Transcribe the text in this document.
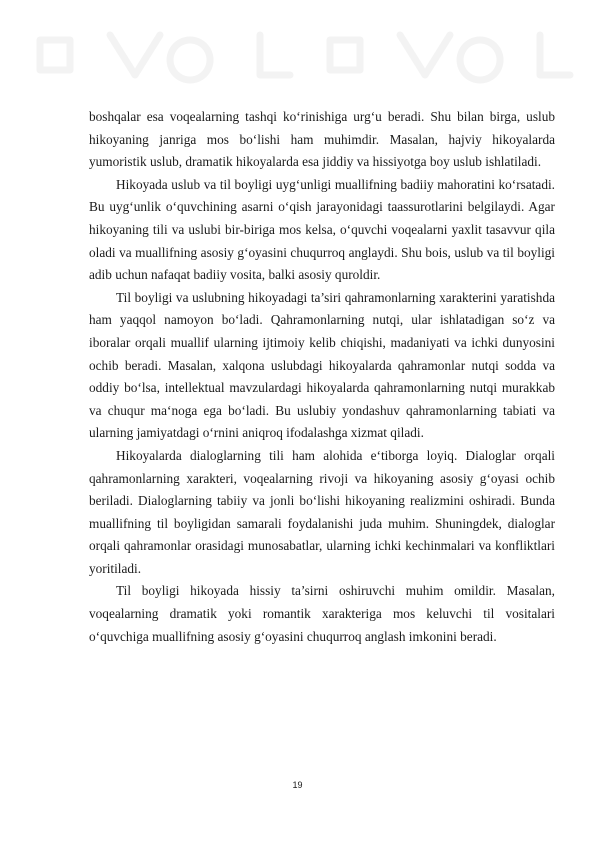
boshqalar esa voqealarning tashqi ko‘rinishiga urg‘u beradi. Shu bilan birga, uslub hikoyaning janriga mos bo‘lishi ham muhimdir. Masalan, hajviy hikoyalarda yumoristik uslub, dramatik hikoyalarda esa jiddiy va hissiyotga boy uslub ishlatiladi.

Hikoyada uslub va til boyligi uyg‘unligi muallifning badiiy mahoratini ko‘rsatadi. Bu uyg‘unlik o‘quvchining asarni o‘qish jarayonidagi taassurotlarini belgilaydi. Agar hikoyaning tili va uslubi bir-biriga mos kelsa, o‘quvchi voqealarni yaxlit tasavvur qila oladi va muallifning asosiy g‘oyasini chuqurroq anglaydi. Shu bois, uslub va til boyligi adib uchun nafaqat badiiy vosita, balki asosiy quroldir.

Til boyligi va uslubning hikoyadagi ta’siri qahramonlarning xarakterini yaratishda ham yaqqol namoyon bo‘ladi. Qahramonlarning nutqi, ular ishlatadigan so‘z va iboralar orqali muallif ularning ijtimoiy kelib chiqishi, madaniyati va ichki dunyosini ochib beradi. Masalan, xalqona uslubdagi hikoyalarda qahramonlar nutqi sodda va oddiy bo‘lsa, intellektual mavzulardagi hikoyalarda qahramonlarning nutqi murakkab va chuqur ma‘noga ega bo‘ladi. Bu uslubiy yondashuv qahramonlarning tabiati va ularning jamiyatdagi o‘rnini aniqroq ifodalashga xizmat qiladi.

Hikoyalarda dialoglarning tili ham alohida e‘tiborga loyiq. Dialoglar orqali qahramonlarning xarakteri, voqealarning rivoji va hikoyaning asosiy g‘oyasi ochib beriladi. Dialoglarning tabiiy va jonli bo‘lishi hikoyaning realizmini oshiradi. Bunda muallifning til boyligidan samarali foydalanishi juda muhim. Shuningdek, dialoglar orqali qahramonlar orasidagi munosabatlar, ularning ichki kechinmalari va konfliktlari yoritiladi.

Til boyligi hikoyada hissiy ta’sirni oshiruvchi muhim omildir. Masalan, voqealarning dramatik yoki romantik xarakteriga mos keluvchi til vositalari o‘quvchiga muallifning asosiy g‘oyasini chuqurroq anglash imkonini beradi.

19
